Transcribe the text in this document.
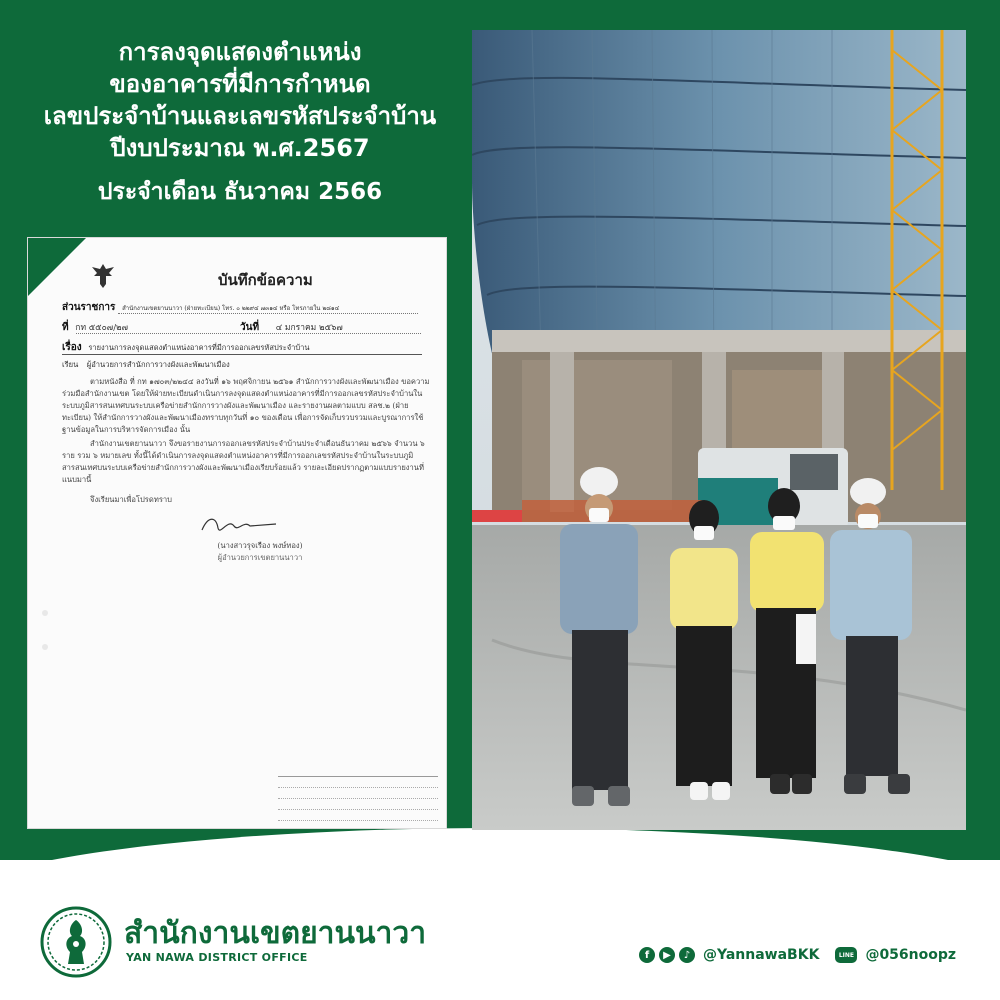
การลงจุดแสดงตำแหน่ง
ของอาคารที่มีการกำหนด
เลขประจำบ้านและเลขรหัสประจำบ้าน
ปีงบประมาณ พ.ศ.2567
ประจำเดือน ธันวาคม 2566
บันทึกข้อความ
ส่วนราชการ สำนักงานเขตยานนาวา (ฝ่ายทะเบียน) โทร. ๐ ๒๒๙๔ ๗๓๑๔ หรือ โทรภายใน ๒๘๑๔
ที่ กท ๕๕๐๗/๒๗	วันที่ ๔ มกราคม ๒๕๖๗
เรื่อง รายงานการลงจุดแสดงตำแหน่งอาคารที่มีการออกเลขรหัสประจำบ้าน
เรียน ผู้อำนวยการสำนักการวางผังและพัฒนาเมือง
ตามหนังสือ ที่ กท ๑๗๐๓/๒๒๔๔ ลงวันที่ ๑๖ พฤศจิกายน ๒๕๖๑ สำนักการวางผังและพัฒนาเมือง ขอความร่วมมือสำนักงานเขต โดยให้ฝ่ายทะเบียนดำเนินการลงจุดแสดงตำแหน่งอาคารที่มีการออกเลขรหัสประจำบ้านในระบบภูมิสารสนเทศบนระบบเครือข่ายสำนักการวางผังและพัฒนาเมือง และรายงานผลตามแบบ สลช.๒ (ฝ่ายทะเบียน) ให้สำนักการวางผังและพัฒนาเมืองทราบทุกวันที่ ๑๐ ของเดือน เพื่อการจัดเก็บรวบรวมและบูรณาการใช้ฐานข้อมูลในการบริหารจัดการเมือง นั้น
สำนักงานเขตยานนาวา จึงขอรายงานการออกเลขรหัสประจำบ้านประจำเดือนธันวาคม ๒๕๖๖ จำนวน ๖ ราย รวม ๖ หมายเลข ทั้งนี้ได้ดำเนินการลงจุดแสดงตำแหน่งอาคารที่มีการออกเลขรหัสประจำบ้านในระบบภูมิสารสนเทศบนระบบเครือข่ายสำนักการวางผังและพัฒนาเมืองเรียบร้อยแล้ว รายละเอียดปรากฏตามแบบรายงานที่แนบมานี้
จึงเรียนมาเพื่อโปรดทราบ
(นางสาวรุจเรือง พงษ์ทอง)
ผู้อำนวยการเขตยานนาวา
สำนักงานเขตยานนาวา
YAN NAWA DISTRICT OFFICE	f	▶	♪ @YannawaBKK	LINE @056noopz
